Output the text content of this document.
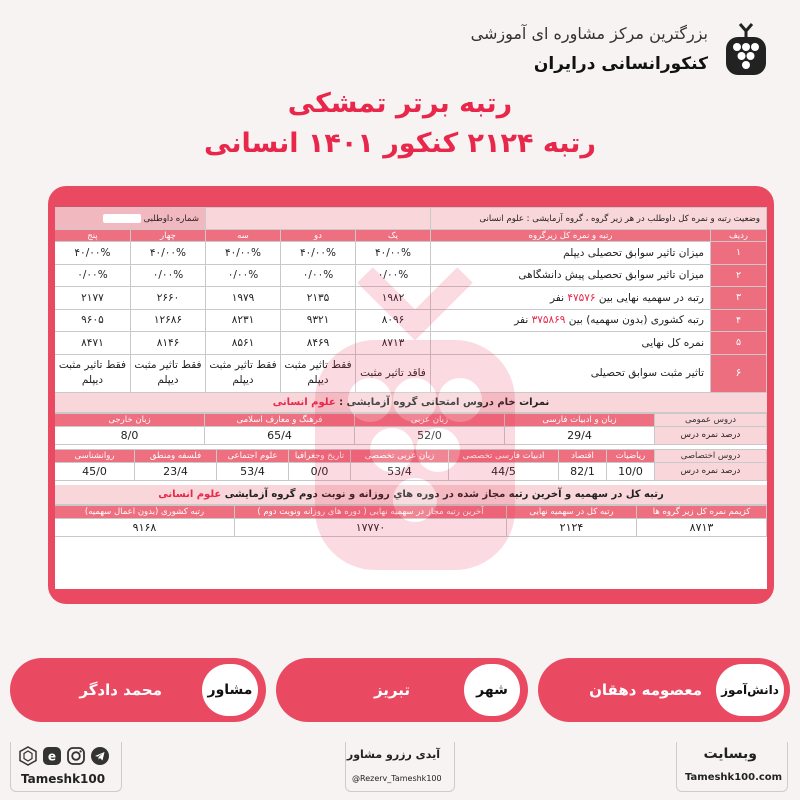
بزرگترین مرکز مشاوره ای آموزشی
کنکورانسانی درایران
رتبه برتر تمشکی
رتبه ۲۱۲۴ کنکور ۱۴۰۱ انسانی
وضعیت رتبه و نمره کل داوطلب در هر زیر گروه ، گروه آزمایشی : علوم انسانی					شماره داوطلبی	
ردیف	رتبه و نمره کل زیرگروه	یک	دو	سه	چهار	پنج
۱	میزان تاثیر سوابق تحصیلی دیپلم	۴۰/۰۰%	۴۰/۰۰%	۴۰/۰۰%	۴۰/۰۰%	۴۰/۰۰%
۲	میزان تاثیر سوابق تحصیلی پیش دانشگاهی	۰/۰۰%	۰/۰۰%	۰/۰۰%	۰/۰۰%	۰/۰۰%
۳	رتبه در سهمیه نهایی بین ۴۷۵۷۶ نفر	۱۹۸۲	۲۱۳۵	۱۹۷۹	۲۶۶۰	۲۱۷۷
۴	رتبه کشوری (بدون سهمیه) بین ۳۷۵۸۶۹ نفر	۸۰۹۶	۹۳۲۱	۸۲۳۱	۱۲۶۸۶	۹۶۰۵
۵	نمره کل نهایی	۸۷۱۳	۸۴۶۹	۸۵۶۱	۸۱۴۶	۸۴۷۱
۶	تاثیر مثبت سوابق تحصیلی	فاقد تاثیر مثبت	فقط تاثیر مثبت دیپلم	فقط تاثیر مثبت دیپلم	فقط تاثیر مثبت دیپلم	فقط تاثیر مثبت دیپلم
نمرات خام دروس امتحانی گروه آزمایشی : علوم انسانی
دروس عمومی	زبان و ادبیات فارسی	زبان عربی	فرهنگ و معارف اسلامی	زبان خارجی
درصد نمره درس	29/4	52/0	65/4	8/0
دروس اختصاصی	ریاضیات	اقتصاد	ادبیات فارسی تخصصی	زبان عربی تخصصی	تاریخ وجغرافیا	علوم اجتماعی	فلسفه ومنطق	روانشناسی
درصد نمره درس	10/0	82/1	44/5	53/4	0/0	53/4	23/4	45/0
رتبه کل در سهمیه و آخرین رتبه مجاز شده در دوره هاي روزانه و نوبت دوم گروه آزمایشی علوم انسانی
کزیمم نمره کل زیر گروه ها	رتبه کل در سهمیه نهایی	آخرین رتبه مجاز در سهمیه نهایی ( دوره های روزانه ونوبت دوم )	رتبه کشوری (بدون اعمال سهمیه)
۸۷۱۳	۲۱۲۴	۱۷۷۷۰	۹۱۶۸
دانش‌آموز
معصومه دهقان
شهر
تبریز
مشاور
محمد دادگر
وبسایت
Tameshk100.com
آیدی رزرو مشاور
@Rezerv_Tameshk100
Tameshk100
e
